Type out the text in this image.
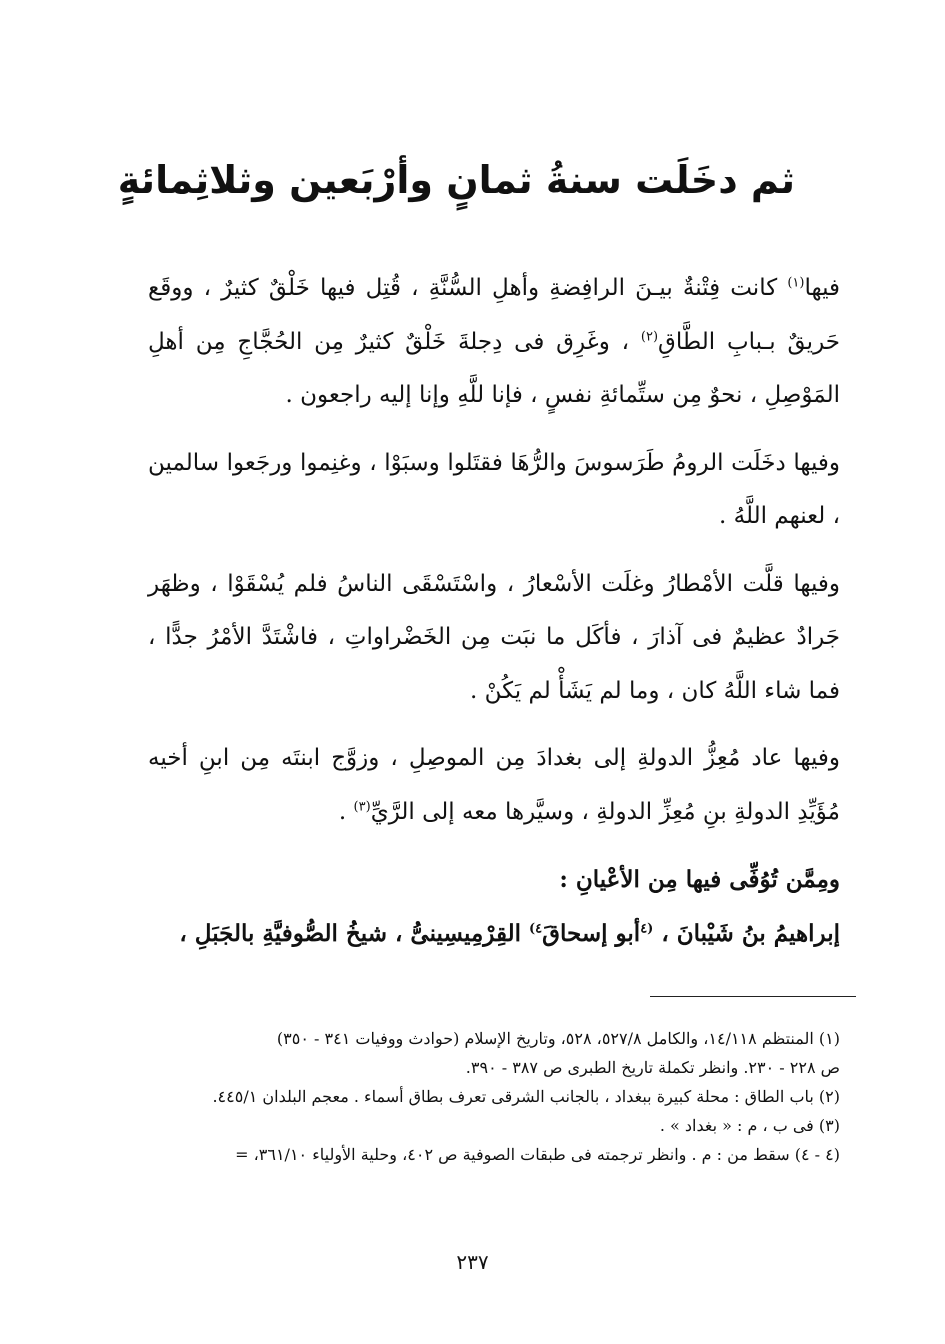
ثم دخَلَت سنةُ ثمانٍ وأرْبَعين وثلاثِمائةٍ

فيها$^{(١)}$ كانت فِتْنةٌ بيـنَ الرافِضةِ وأهلِ السُّنَّةِ ، قُتِل فيها خَلْقٌ كثيرٌ ، ووقَع حَريقٌ بـبابِ الطَّاقِ$^{(٢)}$ ، وغَرِق فى دِجلةَ خَلْقٌ كثيرٌ مِن الحُجَّاجِ مِن أهلِ المَوْصِلِ ، نحوٌ مِن ستِّمائةِ نفسٍ ، فإنا للَّهِ وإنا إليه راجعون .

وفيها دخَلَت الرومُ طَرَسوسَ والرُّهَا فقتَلوا وسبَوْا ، وغنِموا ورجَعوا سالمين ، لعنهم اللَّهُ .

وفيها قلَّت الأمْطارُ وغلَت الأسْعارُ ، واسْتَسْقَى الناسُ فلم يُسْقَوْا ، وظهَر جَرادٌ عظيمٌ فى آذارَ ، فأكَل ما نبَت مِن الخَضْراواتِ ، فاشْتَدَّ الأمْرُ جدًّا ، فما شاء اللَّهُ كان ، وما لم يَشَأْ لم يَكُنْ .

وفيها عاد مُعِزُّ الدولةِ إلى بغدادَ مِن الموصِلِ ، وزوَّج ابنتَه مِن ابنِ أخيه مُؤَيِّدِ الدولةِ بنِ مُعِزِّ الدولةِ ، وسيَّرها معه إلى الرَّيِّ$^{(٣)}$ .

ومِمَّن تُوُفِّى فيها مِن الأعْيانِ :

إبراهيمُ بنُ شَيْبانَ ، $^{(٤}$أبو إسحاقَ$^{٤)}$ القِرْمِيسِينىُّ ، شيخُ الصُّوفيَّةِ بالجَبَلِ ،

(١) المنتظم ١٤/١١٨، والكامل ٥٢٧/٨، ٥٢٨، وتاريخ الإسلام (حوادث ووفيات ٣٤١ - ٣٥٠)

ص ٢٢٨ - ٢٣٠. وانظر تكملة تاريخ الطبرى ص ٣٨٧ - ٣٩٠.

(٢) باب الطاق : محلة كبيرة ببغداد ، بالجانب الشرقى تعرف بطاق أسماء . معجم البلدان ٤٤٥/١.

(٣) فى ب ، م : « بغداد » .

(٤ - ٤) سقط من : م . وانظر ترجمته فى طبقات الصوفية ص ٤٠٢، وحلية الأولياء ٣٦١/١٠، =

٢٣٧
